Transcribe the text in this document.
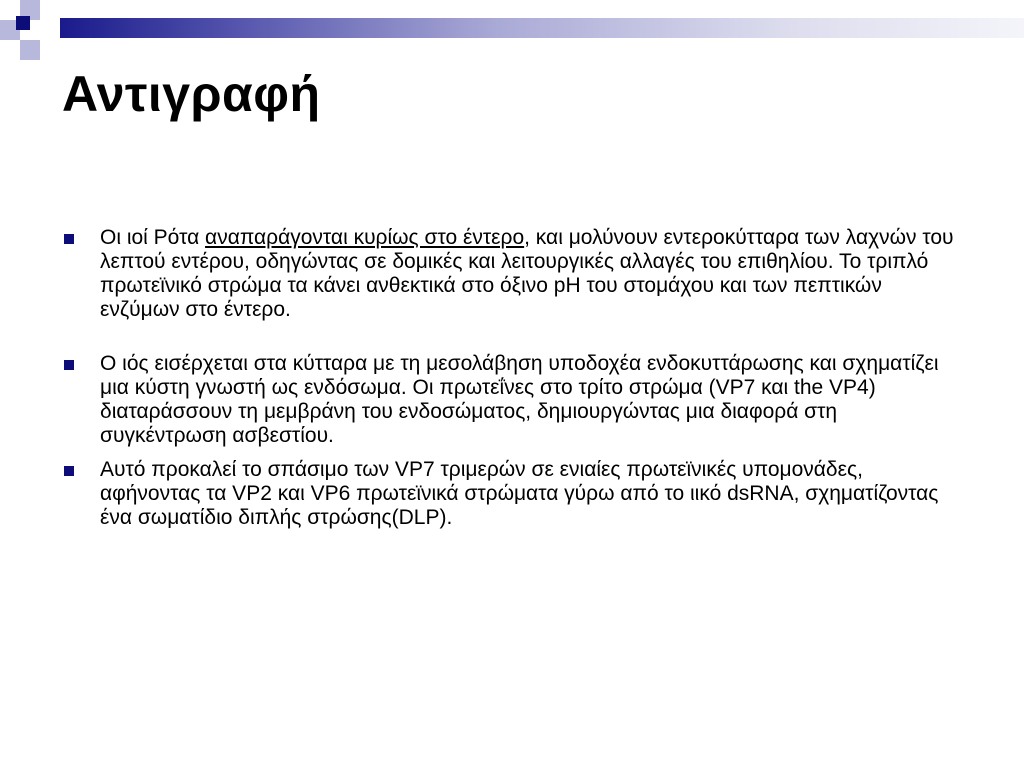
Αντιγραφή
Οι ιοί Ρότα αναπαράγονται κυρίως στο έντερο, και μολύνουν εντεροκύτταρα των λαχνών του λεπτού εντέρου, οδηγώντας σε δομικές και λειτουργικές αλλαγές του επιθηλίου. Το τριπλό πρωτεϊνικό στρώμα τα κάνει ανθεκτικά στο όξινο pH του στομάχου και των πεπτικών ενζύμων στο έντερο.
Ο ιός εισέρχεται στα κύτταρα με τη μεσολάβηση υποδοχέα ενδοκυττάρωσης και σχηματίζει μια κύστη γνωστή ως ενδόσωμα. Οι πρωτεΐνες στο τρίτο στρώμα (VP7 και the VP4) διαταράσσουν τη μεμβράνη του ενδοσώματος, δημιουργώντας μια διαφορά στη συγκέντρωση ασβεστίου.
Αυτό προκαλεί το σπάσιμο των VP7 τριμερών σε ενιαίες πρωτεϊνικές υπομονάδες, αφήνοντας τα VP2 και VP6 πρωτεϊνικά στρώματα γύρω από το ιικό dsRNA, σχηματίζοντας ένα σωματίδιο διπλής στρώσης(DLP).
